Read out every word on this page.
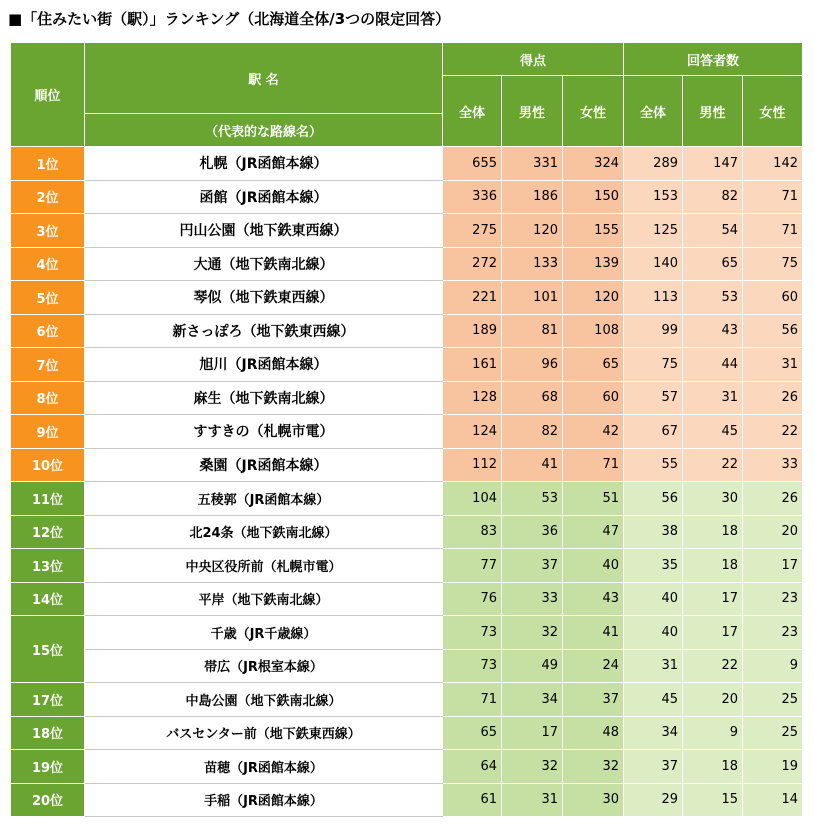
■「住みたい街（駅）」ランキング（北海道全体/3つの限定回答）
順位	駅 名	得点			回答者数		
		全体	男性	女性	全体	男性	女性
	（代表的な路線名）						
1位	札幌（JR函館本線）	655	331	324	289	147	142
2位	函館（JR函館本線）	336	186	150	153	82	71
3位	円山公園（地下鉄東西線）	275	120	155	125	54	71
4位	大通（地下鉄南北線）	272	133	139	140	65	75
5位	琴似（地下鉄東西線）	221	101	120	113	53	60
6位	新さっぽろ（地下鉄東西線）	189	81	108	99	43	56
7位	旭川（JR函館本線）	161	96	65	75	44	31
8位	麻生（地下鉄南北線）	128	68	60	57	31	26
9位	すすきの（札幌市電）	124	82	42	67	45	22
10位	桑園（JR函館本線）	112	41	71	55	22	33
11位	五稜郭（JR函館本線）	104	53	51	56	30	26
12位	北24条（地下鉄南北線）	83	36	47	38	18	20
13位	中央区役所前（札幌市電）	77	37	40	35	18	17
14位	平岸（地下鉄南北線）	76	33	43	40	17	23
15位	千歳（JR千歳線）	73	32	41	40	17	23
	帯広（JR根室本線）	73	49	24	31	22	9
17位	中島公園（地下鉄南北線）	71	34	37	45	20	25
18位	バスセンター前（地下鉄東西線）	65	17	48	34	9	25
19位	苗穂（JR函館本線）	64	32	32	37	18	19
20位	手稲（JR函館本線）	61	31	30	29	15	14
